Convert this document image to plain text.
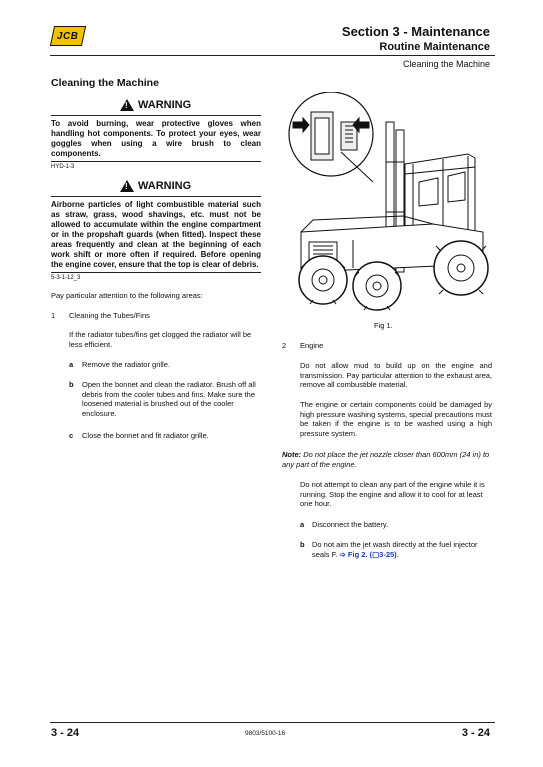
JCB	Section 3 - Maintenance
Routine Maintenance
Cleaning the Machine
Cleaning the Machine
!
WARNING
To avoid burning, wear protective gloves when handling hot components. To protect your eyes, wear goggles when using a wire brush to clean components.
HYD-1-3
!
WARNING
Airborne particles of light combustible material such as straw, grass, wood shavings, etc. must not be allowed to accumulate within the engine compartment or in the propshaft guards (when fitted). Inspect these areas frequently and clean at the beginning of each work shift or more often if required. Before opening the engine cover, ensure that the top is clear of debris.
5-3-1-12_3
Pay particular attention to the following areas:
1 Cleaning the Tubes/Fins
If the radiator tubes/fins get clogged the radiator will be less efficient.
a Remove the radiator grille.
b Open the bonnet and clean the radiator. Brush off all debris from the cooler tubes and fins. Make sure the loosened material is brushed out of the cooler enclosure.
c Close the bonnet and fit radiator grille.
Fig 1.
2 Engine
Do not allow mud to build up on the engine and transmission. Pay particular attention to the exhaust area, remove all combustible material.
The engine or certain components could be damaged by high pressure washing systems, special precautions must be taken if the engine is to be washed using a high pressure system.
Note: Do not place the jet nozzle closer than 600mm (24 in) to any part of the engine.
Do not attempt to clean any part of the engine while it is running. Stop the engine and allow it to cool for at least one hour.
a Disconnect the battery.
b Do not aim the jet wash directly at the fuel injector seals F. ➩ Fig 2. (▢3-25).
3 - 24	9803/5100-16	3 - 24
